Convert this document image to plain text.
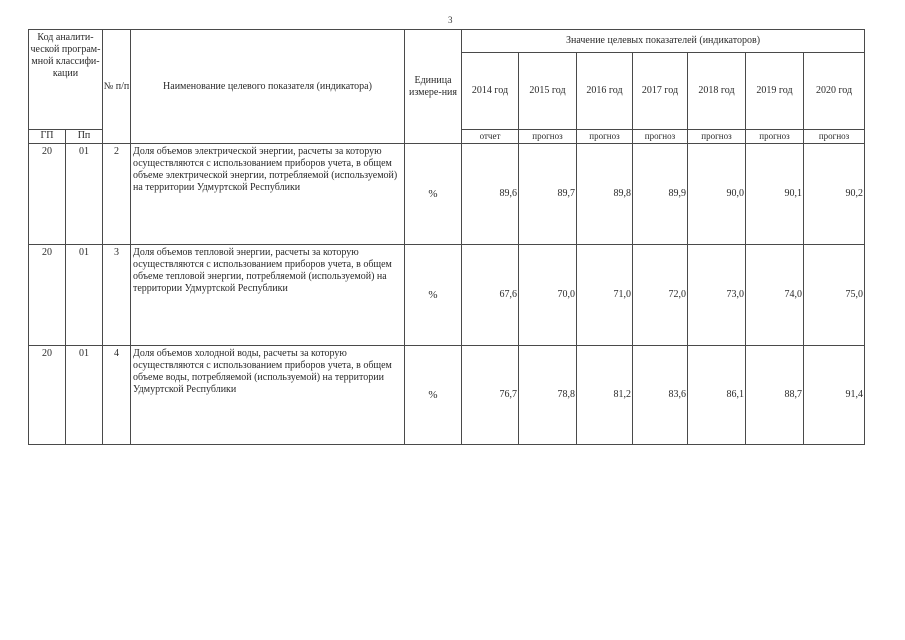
3
Код аналити-ческой програм-мной классифи-кации		№ п/п	Наименование целевого показателя (индикатора)	Единица измере-ния	Значение целевых показателей (индикаторов)						
					2014 год	2015 год	2016 год	2017 год	2018 год	2019 год	2020 год
ГП	Пп				отчет	прогноз	прогноз	прогноз	прогноз	прогноз	прогноз
20	01	2	Доля объемов электрической энергии, расчеты за которую осуществляются с использованием приборов учета, в общем объеме электрической энергии, потребляемой (используемой) на территории Удмуртской Республики	%	89,6	89,7	89,8	89,9	90,0	90,1	90,2
20	01	3	Доля объемов тепловой энергии, расчеты за которую осуществляются с использованием приборов учета, в общем объеме тепловой энергии, потребляемой (используемой) на территории Удмуртской Республики	%	67,6	70,0	71,0	72,0	73,0	74,0	75,0
20	01	4	Доля объемов холодной воды, расчеты за которую осуществляются с использованием приборов учета, в общем объеме воды, потребляемой (используемой) на территории Удмуртской Республики	%	76,7	78,8	81,2	83,6	86,1	88,7	91,4
